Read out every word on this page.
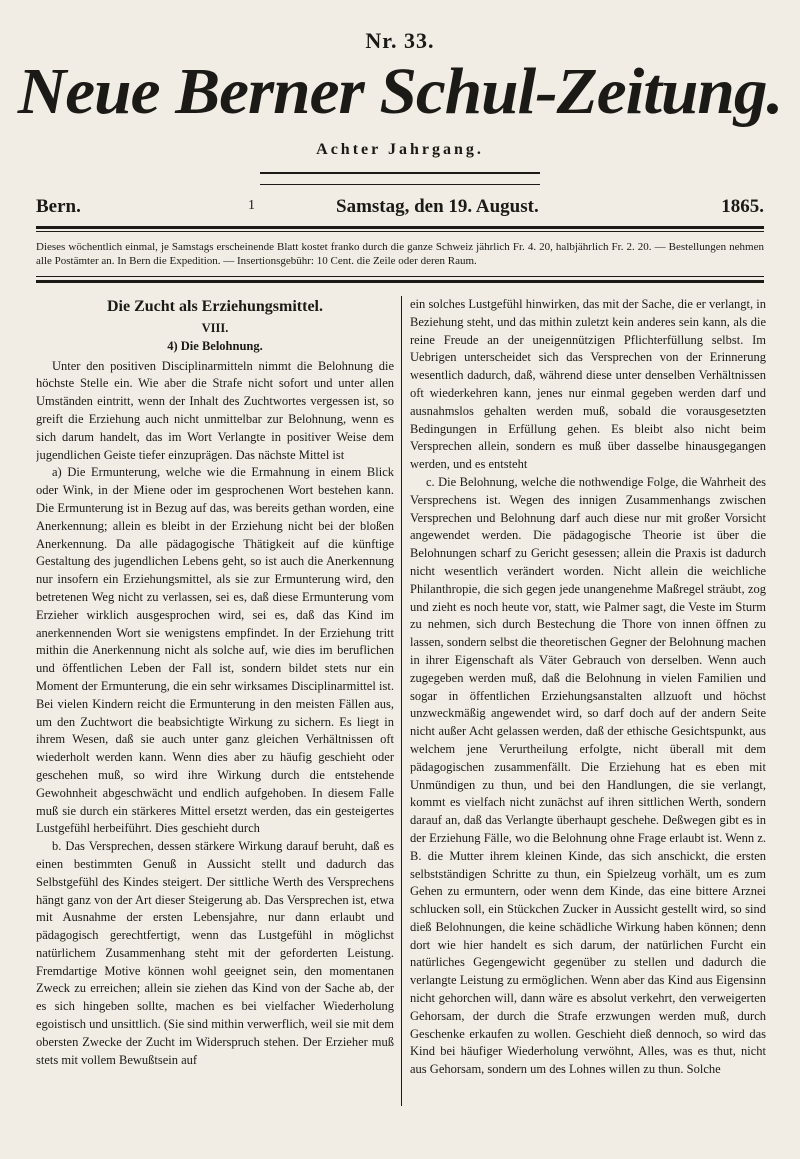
Nr. 33.
Neue Berner Schul-Zeitung.
Achter Jahrgang.
Bern.	1	Samstag, den 19. August.	1865.
Dieses wöchentlich einmal, je Samstags erscheinende Blatt kostet franko durch die ganze Schweiz jährlich Fr. 4. 20, halbjährlich Fr. 2. 20. — Bestellungen nehmen alle Postämter an. In Bern die Expedition. — Insertionsgebühr: 10 Cent. die Zeile oder deren Raum.
Die Zucht als Erziehungsmittel.
VIII.
4) Die Belohnung.

Unter den positiven Disciplinarmitteln nimmt die Belohnung die höchste Stelle ein. Wie aber die Strafe nicht sofort und unter allen Umständen eintritt, wenn der Inhalt des Zuchtwortes vergessen ist, so greift die Erziehung auch nicht unmittelbar zur Belohnung, wenn es sich darum handelt, das im Wort Verlangte in positiver Weise dem jugendlichen Geiste tiefer einzuprägen. Das nächste Mittel ist

a) Die Ermunterung, welche wie die Ermahnung in einem Blick oder Wink, in der Miene oder im gesprochenen Wort bestehen kann. Die Ermunterung ist in Bezug auf das, was bereits gethan worden, eine Anerkennung; allein es bleibt in der Erziehung nicht bei der bloßen Anerkennung. Da alle pädagogische Thätigkeit auf die künftige Gestaltung des jugendlichen Lebens geht, so ist auch die Anerkennung nur insofern ein Erziehungsmittel, als sie zur Ermunterung wird, den betretenen Weg nicht zu verlassen, sei es, daß diese Ermunterung vom Erzieher wirklich ausgesprochen wird, sei es, daß das Kind im anerkennenden Wort sie wenigstens empfindet. In der Erziehung tritt mithin die Anerkennung nicht als solche auf, wie dies im beruflichen und öffentlichen Leben der Fall ist, sondern bildet stets nur ein Moment der Ermunterung, die ein sehr wirksames Disciplinarmittel ist. Bei vielen Kindern reicht die Ermunterung in den meisten Fällen aus, um den Zuchtwort die beabsichtigte Wirkung zu sichern. Es liegt in ihrem Wesen, daß sie auch unter ganz gleichen Verhältnissen oft wiederholt werden kann. Wenn dies aber zu häufig geschieht oder geschehen muß, so wird ihre Wirkung durch die entstehende Gewohnheit abgeschwächt und endlich aufgehoben. In diesem Falle muß sie durch ein stärkeres Mittel ersetzt werden, das ein gesteigertes Lustgefühl herbeiführt. Dies geschieht durch

b. Das Versprechen, dessen stärkere Wirkung darauf beruht, daß es einen bestimmten Genuß in Aussicht stellt und dadurch das Selbstgefühl des Kindes steigert. Der sittliche Werth des Versprechens hängt ganz von der Art dieser Steigerung ab. Das Versprechen ist, etwa mit Ausnahme der ersten Lebensjahre, nur dann erlaubt und pädagogisch gerechtfertigt, wenn das Lustgefühl in möglichst natürlichem Zusammenhang steht mit der geforderten Leistung. Fremdartige Motive können wohl geeignet sein, den momentanen Zweck zu erreichen; allein sie ziehen das Kind von der Sache ab, der es sich hingeben sollte, machen es bei vielfacher Wiederholung egoistisch und unsittlich. (Sie sind mithin verwerflich, weil sie mit dem obersten Zwecke der Zucht im Widerspruch stehen. Der Erzieher muß stets mit vollem Bewußtsein auf

ein solches Lustgefühl hinwirken, das mit der Sache, die er verlangt, in Beziehung steht, und das mithin zuletzt kein anderes sein kann, als die reine Freude an der uneigennützigen Pflichterfüllung selbst. Im Uebrigen unterscheidet sich das Versprechen von der Erinnerung wesentlich dadurch, daß, während diese unter denselben Verhältnissen oft wiederkehren kann, jenes nur einmal gegeben werden darf und ausnahmslos gehalten werden muß, sobald die vorausgesetzten Bedingungen in Erfüllung gehen. Es bleibt also nicht beim Versprechen allein, sondern es muß über dasselbe hinausgegangen werden, und es entsteht

c. Die Belohnung, welche die nothwendige Folge, die Wahrheit des Versprechens ist. Wegen des innigen Zusammenhangs zwischen Versprechen und Belohnung darf auch diese nur mit großer Vorsicht angewendet werden. Die pädagogische Theorie ist über die Belohnungen scharf zu Gericht gesessen; allein die Praxis ist dadurch nicht wesentlich verändert worden. Nicht allein die weichliche Philanthropie, die sich gegen jede unangenehme Maßregel sträubt, zog und zieht es noch heute vor, statt, wie Palmer sagt, die Veste im Sturm zu nehmen, sich durch Bestechung die Thore von innen öffnen zu lassen, sondern selbst die theoretischen Gegner der Belohnung machen in ihrer Eigenschaft als Väter Gebrauch von derselben. Wenn auch zugegeben werden muß, daß die Belohnung in vielen Familien und sogar in öffentlichen Erziehungsanstalten allzuoft und höchst unzweckmäßig angewendet wird, so darf doch auf der andern Seite nicht außer Acht gelassen werden, daß der ethische Gesichtspunkt, aus welchem jene Verurtheilung erfolgte, nicht überall mit dem pädagogischen zusammenfällt. Die Erziehung hat es eben mit Unmündigen zu thun, und bei den Handlungen, die sie verlangt, kommt es vielfach nicht zunächst auf ihren sittlichen Werth, sondern darauf an, daß das Verlangte überhaupt geschehe. Deßwegen gibt es in der Erziehung Fälle, wo die Belohnung ohne Frage erlaubt ist. Wenn z. B. die Mutter ihrem kleinen Kinde, das sich anschickt, die ersten selbstständigen Schritte zu thun, ein Spielzeug vorhält, um es zum Gehen zu ermuntern, oder wenn dem Kinde, das eine bittere Arznei schlucken soll, ein Stückchen Zucker in Aussicht gestellt wird, so sind dieß Belohnungen, die keine schädliche Wirkung haben können; denn dort wie hier handelt es sich darum, der natürlichen Furcht ein natürliches Gegengewicht gegenüber zu stellen und dadurch die verlangte Leistung zu ermöglichen. Wenn aber das Kind aus Eigensinn nicht gehorchen will, dann wäre es absolut verkehrt, den verweigerten Gehorsam, der durch die Strafe erzwungen werden muß, durch Geschenke erkaufen zu wollen. Geschieht dieß dennoch, so wird das Kind bei häufiger Wiederholung verwöhnt, Alles, was es thut, nicht aus Gehorsam, sondern um des Lohnes willen zu thun. Solche
